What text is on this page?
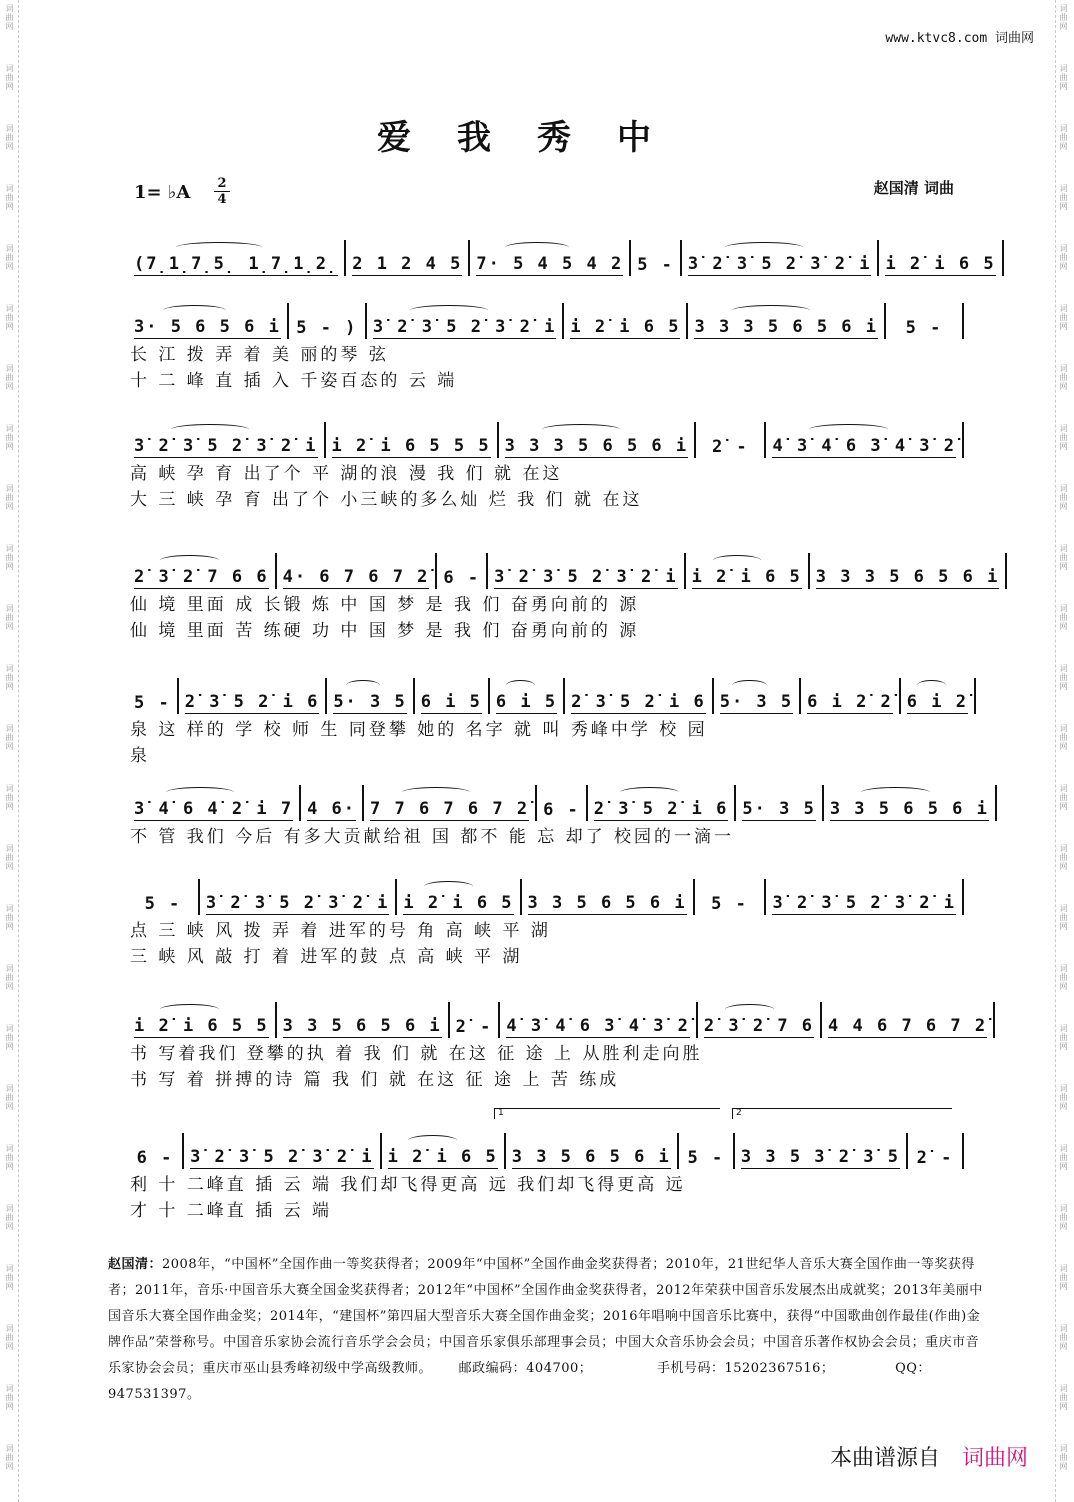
词曲网
词曲网
词曲网
词曲网
词曲网
词曲网
词曲网
词曲网
词曲网
词曲网
词曲网
词曲网
词曲网
词曲网
词曲网
词曲网
词曲网
词曲网
词曲网
词曲网
词曲网
词曲网
词曲网
词曲网
词曲网
词曲网
词曲网
词曲网
词曲网
词曲网
词曲网
词曲网
词曲网
词曲网
词曲网
词曲网
词曲网
词曲网
词曲网
词曲网
词曲网
词曲网
词曲网
词曲网
词曲网
词曲网
词曲网
词曲网
词曲网
词曲网
www.ktvc8.com 词曲网
爱我秀中
1= ♭A 2
4
赵国清 词曲
(7̣1̣7̣5̣ 1̣7̣1̣2̣ 2 1 2 4 5 7· 5 4 5 4 2 5 - 3̇ 2̇ 3̇ 5 2̇ 3̇ 2̇ i i 2̇ i 6 5
3· 5 6 5 6 i 5 - ) 3̇ 2̇ 3̇ 5 2̇ 3̇ 2̇ i i 2̇ i 6 5 3 3 3 5 6 5 6 i 5 -
长 江 拨 弄 着 美 丽的琴 弦
十 二 峰 直 插 入 千姿百态的 云 端
3̇ 2̇ 3̇ 5 2̇ 3̇ 2̇ i i 2̇ i 6 5 5 5 3 3 3 5 6 5 6 i 2̇ - 4̇ 3̇ 4̇ 6 3̇ 4̇ 3̇ 2̇
高 峡 孕 育 出了个 平 湖的浪 漫 我 们 就 在这
大 三 峡 孕 育 出了个 小三峡的多么灿 烂 我 们 就 在这
2̇ 3̇ 2̇ 7 6 6 4· 6 7 6 7 2̇ 6 - 3̇ 2̇ 3̇ 5 2̇ 3̇ 2̇ i i 2̇ i 6 5 3 3 3 5 6 5 6 i
仙 境 里面 成 长锻 炼 中 国 梦 是 我 们 奋勇向前的 源
仙 境 里面 苦 练硬 功 中 国 梦 是 我 们 奋勇向前的 源
5 - 2̇ 3̇ 5 2̇ i 6 5· 3 5 6 i 5 6 i 5 2̇ 3̇ 5 2̇ i 6 5· 3 5 6 i 2̇ 2̇ 6 i 2̇
泉 这 样的 学 校 师 生 同登攀 她的 名字 就 叫 秀峰中学 校 园
泉
3̇ 4̇ 6 4̇ 2̇ i 7 4 6· 7 7 6 7 6 7 2̇ 6 - 2̇ 3̇ 5 2̇ i 6 5· 3 5 3 3 5 6 5 6 i
不 管 我们 今后 有多大贡献给祖 国 都不 能 忘 却了 校园的一滴一
5 - 3̇ 2̇ 3̇ 5 2̇ 3̇ 2̇ i i 2̇ i 6 5 3 3 5 6 5 6 i 5 - 3̇ 2̇ 3̇ 5 2̇ 3̇ 2̇ i
点 三 峡 风 拨 弄 着 进军的号 角 高 峡 平 湖
三 峡 风 敲 打 着 进军的鼓 点 高 峡 平 湖
i 2̇ i 6 5 5 3 3 5 6 5 6 i 2̇ - 4̇ 3̇ 4̇ 6 3̇ 4̇ 3̇ 2̇ 2̇ 3̇ 2̇ 7 6 4 4 6 7 6 7 2̇
书 写着我们 登攀的执 着 我 们 就 在这 征 途 上 从胜利走向胜
书 写 着 拼搏的诗 篇 我 们 就 在这 征 途 上 苦 练成
6 - 3̇ 2̇ 3̇ 5 2̇ 3̇ 2̇ i i 2̇ i 6 5 3 3 5 6 5 6 i 5 - 3 3 5 3̇ 2̇ 3̇ 5 2̇ -
利 十 二峰直 插 云 端 我们却飞得更高 远 我们却飞得更高 远
才 十 二峰直 插 云 端
1	2
赵国清：2008年，“中国杯”全国作曲一等奖获得者；2009年“中国杯”全国作曲金奖获得者；2010年，21世纪华人音乐大赛全国作曲一等奖获得者；2011年，音乐·中国音乐大赛全国金奖获得者；2012年“中国杯”全国作曲金奖获得者，2012年荣获中国音乐发展杰出成就奖；2013年美丽中国音乐大赛全国作曲金奖；2014年，“建国杯”第四届大型音乐大赛全国作曲金奖；2016年唱响中国音乐比赛中，获得“中国歌曲创作最佳(作曲)金牌作品”荣誉称号。中国音乐家协会流行音乐学会会员；中国音乐家俱乐部理事会员；中国大众音乐协会会员；中国音乐著作权协会会员；重庆市音乐家协会会员；重庆市巫山县秀峰初级中学高级教师。 邮政编码：404700；	手机号码：15202367516；	QQ：947531397。
本曲谱源自 词曲网
